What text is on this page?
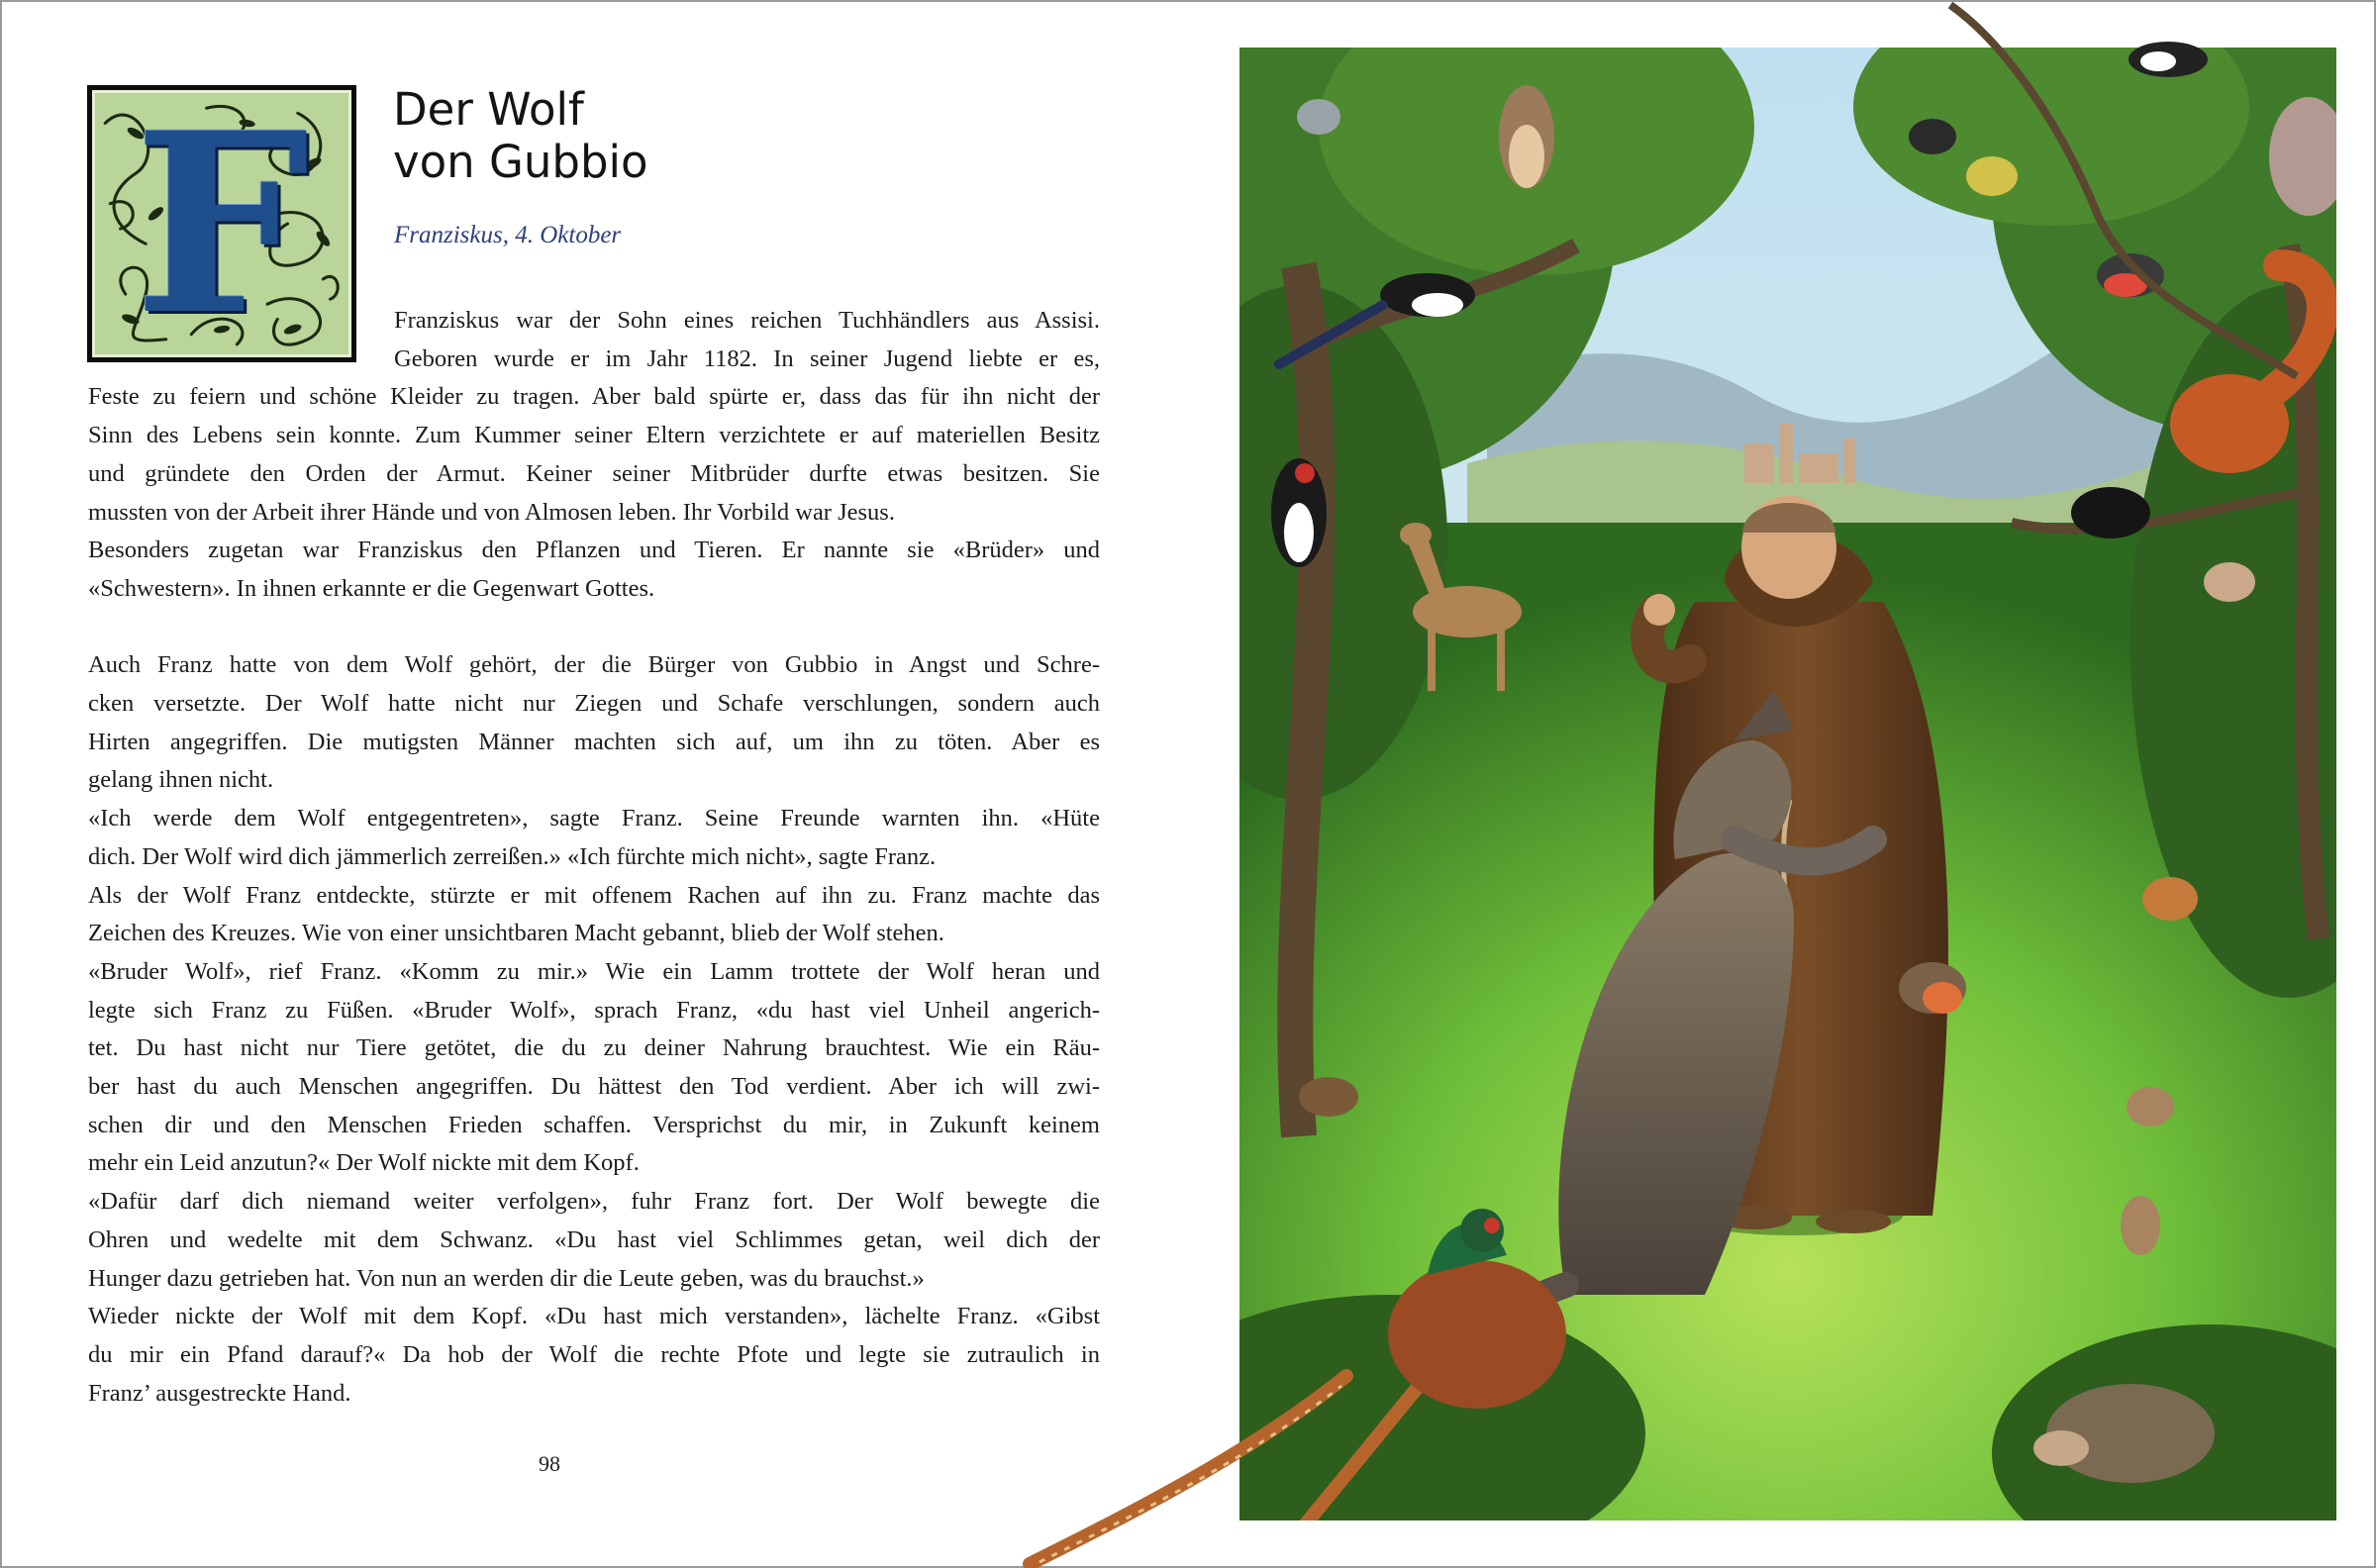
F	Der Wolf
von Gubbio
Franziskus, 4. Oktober
Franziskus war der Sohn eines reichen Tuchhändlers aus Assisi.
Geboren wurde er im Jahr 1182. In seiner Jugend liebte er es,
Feste zu feiern und schöne Kleider zu tragen. Aber bald spürte er, dass das für ihn nicht der
Sinn des Lebens sein konnte. Zum Kummer seiner Eltern verzichtete er auf materiellen Besitz
und gründete den Orden der Armut. Keiner seiner Mitbrüder durfte etwas besitzen. Sie
mussten von der Arbeit ihrer Hände und von Almosen leben. Ihr Vorbild war Jesus.
Besonders zugetan war Franziskus den Pflanzen und Tieren. Er nannte sie «Brüder» und
«Schwestern». In ihnen erkannte er die Gegenwart Gottes.
Auch Franz hatte von dem Wolf gehört, der die Bürger von Gubbio in Angst und Schre-
cken versetzte. Der Wolf hatte nicht nur Ziegen und Schafe verschlungen, sondern auch
Hirten angegriffen. Die mutigsten Männer machten sich auf, um ihn zu töten. Aber es
gelang ihnen nicht.
«Ich werde dem Wolf entgegentreten», sagte Franz. Seine Freunde warnten ihn. «Hüte
dich. Der Wolf wird dich jämmerlich zerreißen.» «Ich fürchte mich nicht», sagte Franz.
Als der Wolf Franz entdeckte, stürzte er mit offenem Rachen auf ihn zu. Franz machte das
Zeichen des Kreuzes. Wie von einer unsichtbaren Macht gebannt, blieb der Wolf stehen.
«Bruder Wolf», rief Franz. «Komm zu mir.» Wie ein Lamm trottete der Wolf heran und
legte sich Franz zu Füßen. «Bruder Wolf», sprach Franz, «du hast viel Unheil angerich-
tet. Du hast nicht nur Tiere getötet, die du zu deiner Nahrung brauchtest. Wie ein Räu-
ber hast du auch Menschen angegriffen. Du hättest den Tod verdient. Aber ich will zwi-
schen dir und den Menschen Frieden schaffen. Versprichst du mir, in Zukunft keinem
mehr ein Leid anzutun?« Der Wolf nickte mit dem Kopf.
«Dafür darf dich niemand weiter verfolgen», fuhr Franz fort. Der Wolf bewegte die
Ohren und wedelte mit dem Schwanz. «Du hast viel Schlimmes getan, weil dich der
Hunger dazu getrieben hat. Von nun an werden dir die Leute geben, was du brauchst.»
Wieder nickte der Wolf mit dem Kopf. «Du hast mich verstanden», lächelte Franz. «Gibst
du mir ein Pfand darauf?« Da hob der Wolf die rechte Pfote und legte sie zutraulich in
Franz’ ausgestreckte Hand.
98
